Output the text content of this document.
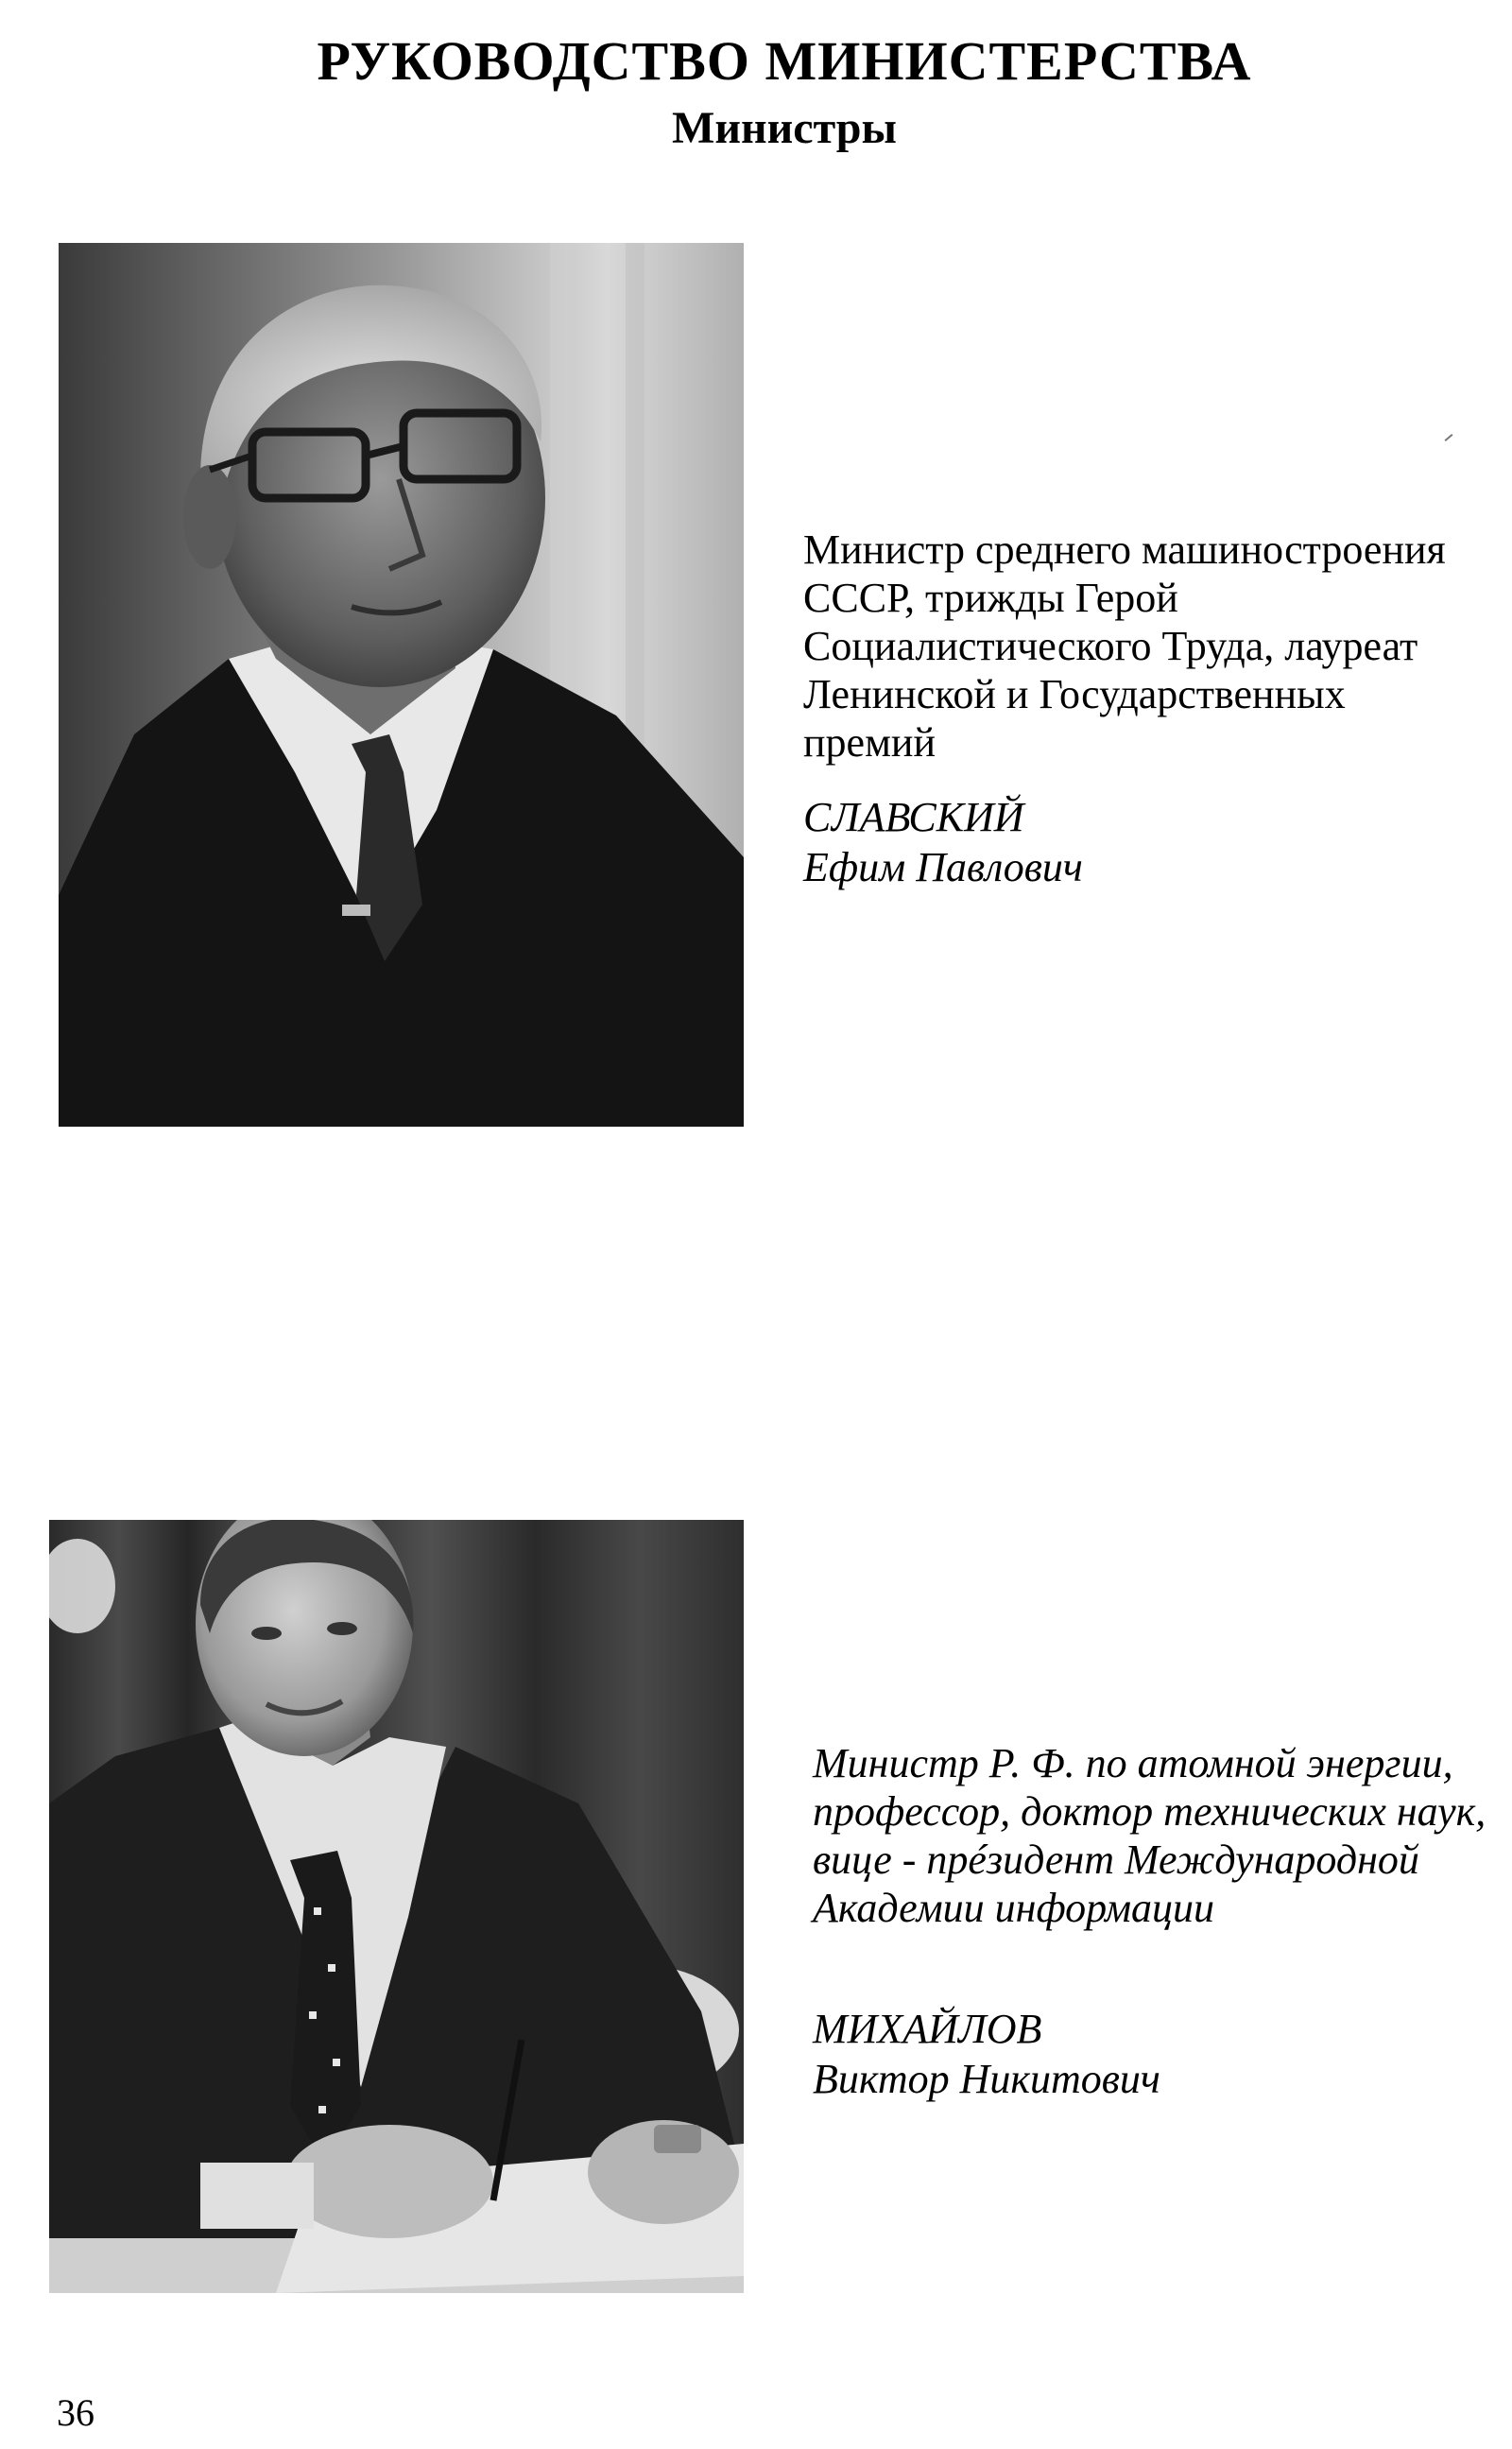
РУКОВОДСТВО МИНИСТЕРСТВА
Министры

Министр среднего машиностроения СССР, трижды Герой Социалистического Труда, лауреат Ленинской и Государственных премий

СЛАВСКИЙ
Ефим Павлович

Министр Р. Ф. по атомной энергии, профессор, доктор технических наук, вице - прéзидент Международной Академии информации

МИХАЙЛОВ
Виктор Никитович
36
